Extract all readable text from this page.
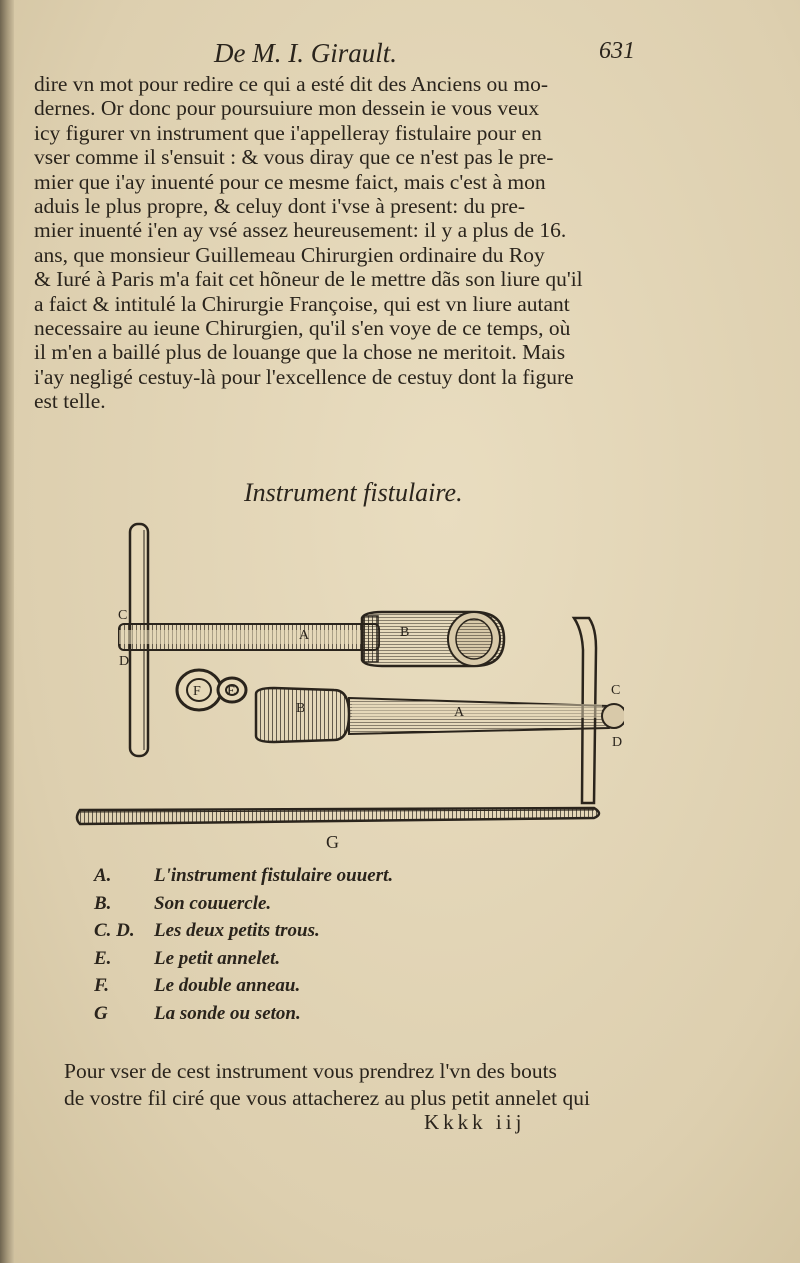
De M. I. Girault.	631
dire vn mot pour redire ce qui a esté dit des Anciens ou mo-
dernes. Or donc pour poursuiure mon dessein ie vous veux
icy figurer vn instrument que i'appelleray fistulaire pour en
vser comme il s'ensuit : & vous diray que ce n'est pas le pre-
mier que i'ay inuenté pour ce mesme faict, mais c'est à mon
aduis le plus propre, & celuy dont i'vse à present: du pre-
mier inuenté i'en ay vsé assez heureusement: il y a plus de 16.
ans, que monsieur Guillemeau Chirurgien ordinaire du Roy
& Iuré à Paris m'a fait cet hõneur de le mettre dãs son liure qu'il
a faict & intitulé la Chirurgie Françoise, qui est vn liure autant
necessaire au ieune Chirurgien, qu'il s'en voye de ce temps, où
il m'en a baillé plus de louange que la chose ne meritoit. Mais
i'ay negligé cestuy-là pour l'excellence de cestuy dont la figure
est telle.
Instrument fistulaire.
A	B
C
D
E
F
A
B
C
D
G
A.	L'instrument fistulaire ouuert.
B.	Son couuercle.
C. D.	Les deux petits trous.
E.	Le petit annelet.
F.	Le double anneau.
G	La sonde ou seton.
Pour vser de cest instrument vous prendrez l'vn des bouts
de vostre fil ciré que vous attacherez au plus petit annelet qui
Kkkk iij
